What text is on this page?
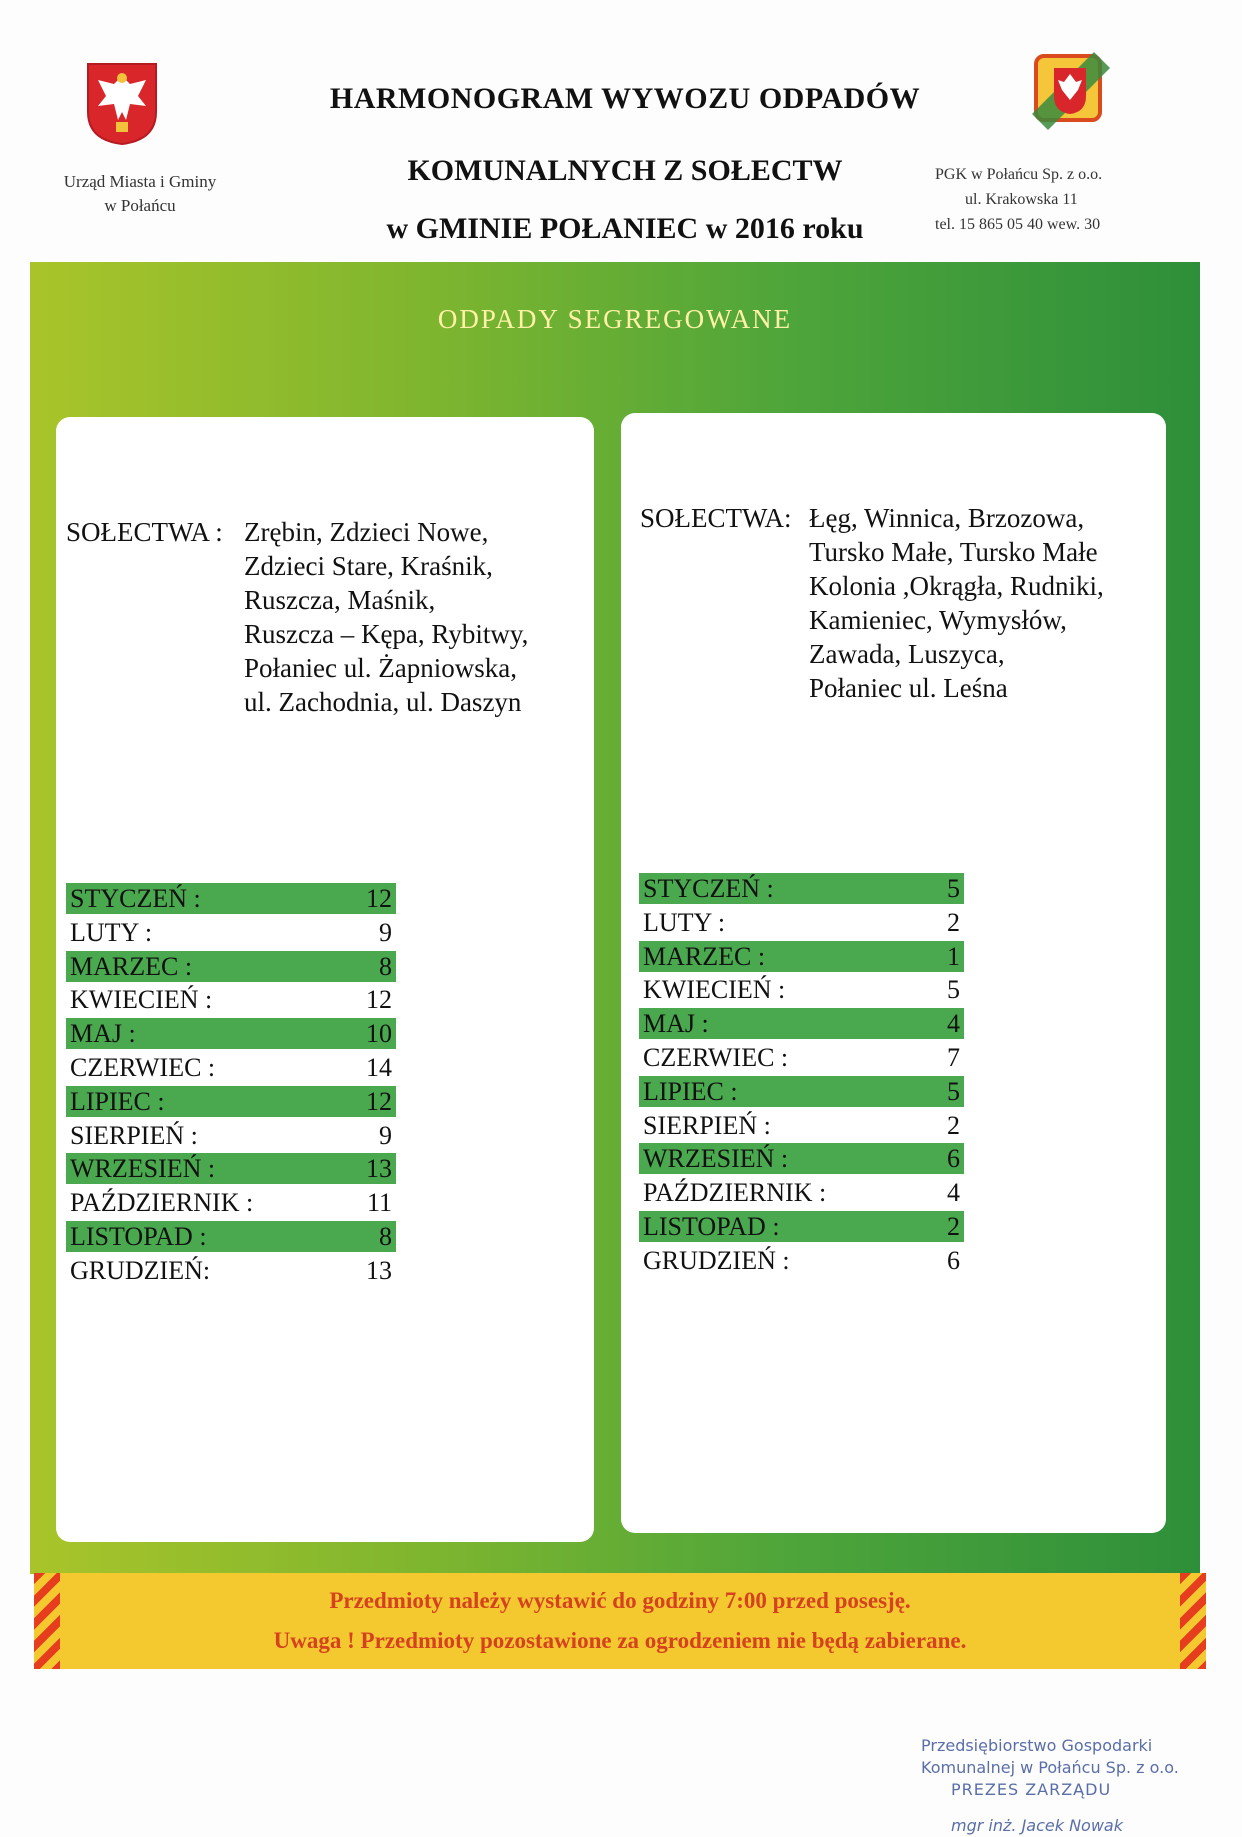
Urząd Miasta i Gminy
w Połańcu
HARMONOGRAM WYWOZU ODPADÓW
KOMUNALNYCH Z SOŁECTW
w GMINIE POŁANIEC w 2016 roku
PGK w Połańcu Sp. z o.o.
ul. Krakowska 11
tel. 15 865 05 40 wew. 30
ODPADY SEGREGOWANE
SOŁECTWA : Zrębin, Zdzieci Nowe,
Zdzieci Stare, Kraśnik,
Ruszcza, Maśnik,
Ruszcza – Kępa, Rybitwy,
Połaniec ul. Żapniowska,
ul. Zachodnia, ul. Daszyn
STYCZEŃ :	12
LUTY :	9
MARZEC :	8
KWIECIEŃ :	12
MAJ :	10
CZERWIEC :	14
LIPIEC :	12
SIERPIEŃ :	9
WRZESIEŃ :	13
PAŹDZIERNIK :	11
LISTOPAD :	8
GRUDZIEŃ:	13
SOŁECTWA: Łęg, Winnica, Brzozowa,
Tursko Małe, Tursko Małe
Kolonia ,Okrągła, Rudniki,
Kamieniec, Wymysłów,
Zawada, Luszyca,
Połaniec ul. Leśna
STYCZEŃ :	5
LUTY :	2
MARZEC :	1
KWIECIEŃ :	5
MAJ :	4
CZERWIEC :	7
LIPIEC :	5
SIERPIEŃ :	2
WRZESIEŃ :	6
PAŹDZIERNIK :	4
LISTOPAD :	2
GRUDZIEŃ :	6
Przedsiębiorstwo Gospodarki
Komunalnej w Połańcu Sp. z o.o.
PREZES ZARZĄDU
mgr inż. Jacek Nowak
Przedmioty należy wystawić do godziny 7:00 przed posesję.
Uwaga ! Przedmioty pozostawione za ogrodzeniem nie będą zabierane.
